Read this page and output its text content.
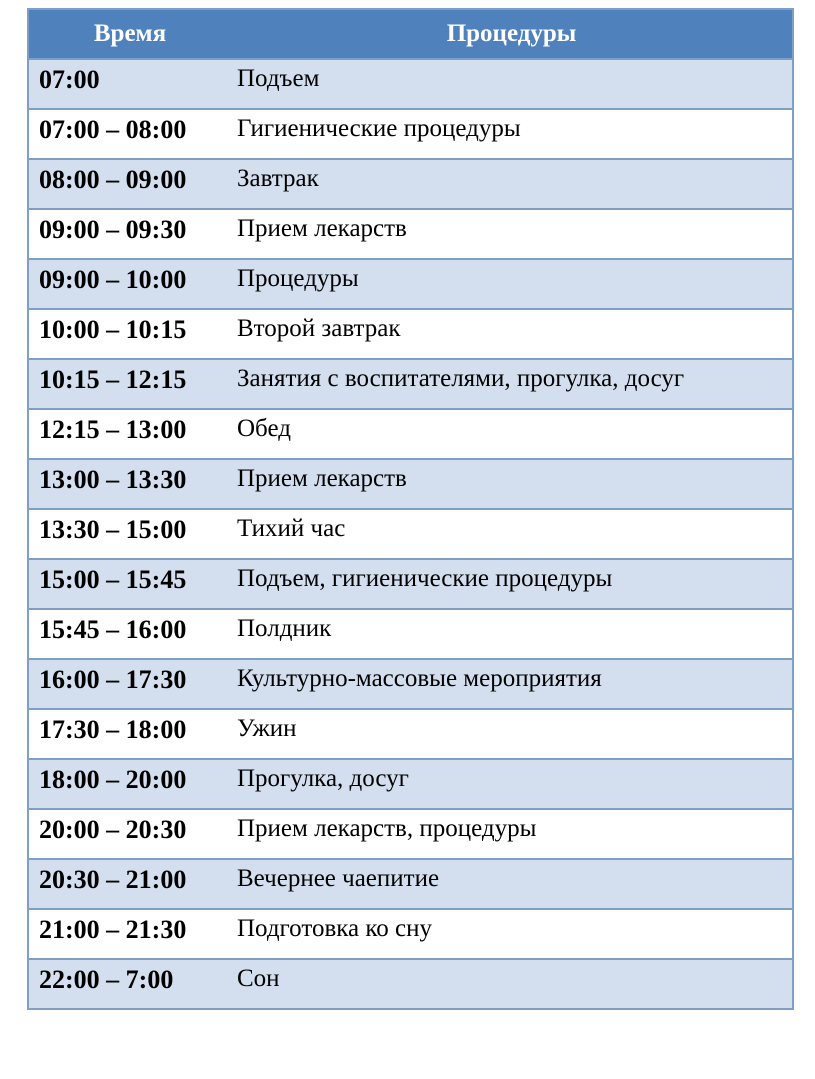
Время	Процедуры
07:00	Подъем
07:00 – 08:00	Гигиенические процедуры
08:00 – 09:00	Завтрак
09:00 – 09:30	Прием лекарств
09:00 – 10:00	Процедуры
10:00 – 10:15	Второй завтрак
10:15 – 12:15	Занятия с воспитателями, прогулка, досуг
12:15 – 13:00	Обед
13:00 – 13:30	Прием лекарств
13:30 – 15:00	Тихий час
15:00 – 15:45	Подъем, гигиенические процедуры
15:45 – 16:00	Полдник
16:00 – 17:30	Культурно-массовые мероприятия
17:30 – 18:00	Ужин
18:00 – 20:00	Прогулка, досуг
20:00 – 20:30	Прием лекарств, процедуры
20:30 – 21:00	Вечернее чаепитие
21:00 – 21:30	Подготовка ко сну
22:00 – 7:00	Сон
